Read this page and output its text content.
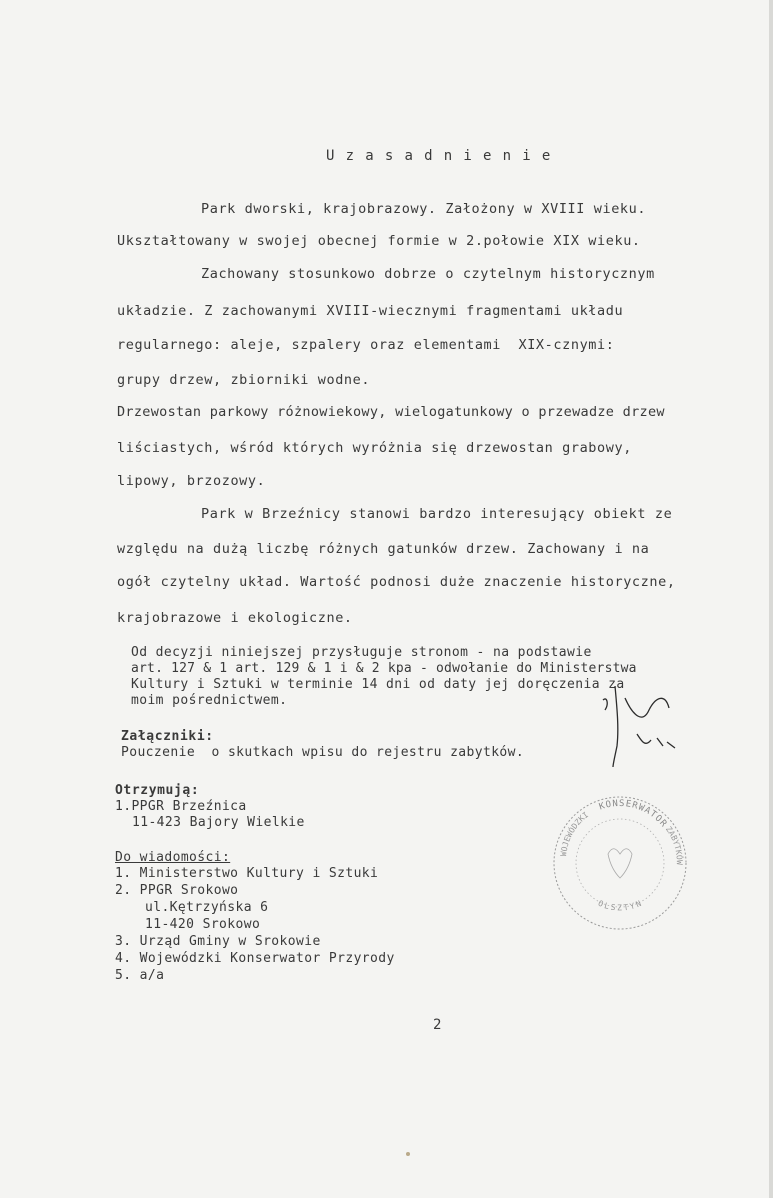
Uzasadnienie
Park dworski, krajobrazowy. Założony w XVIII wieku.
Ukształtowany w swojej obecnej formie w 2.połowie XIX wieku.
Zachowany stosunkowo dobrze o czytelnym historycznym
układzie. Z zachowanymi XVIII-wiecznymi fragmentami układu
regularnego: aleje, szpalery oraz elementami  XIX-cznymi:
grupy drzew, zbiorniki wodne.
Drzewostan parkowy różnowiekowy, wielogatunkowy o przewadze drzew
liściastych, wśród których wyróżnia się drzewostan grabowy,
lipowy, brzozowy.
Park w Brzeźnicy stanowi bardzo interesujący obiekt ze
względu na dużą liczbę różnych gatunków drzew. Zachowany i na
ogół czytelny układ. Wartość podnosi duże znaczenie historyczne,
krajobrazowe i ekologiczne.
Od decyzji niniejszej przysługuje stronom - na podstawie
art. 127 & 1 art. 129 & 1 i & 2 kpa - odwołanie do Ministerstwa
Kultury i Sztuki w terminie 14 dni od daty jej doręczenia za
moim pośrednictwem.
Załączniki:
Pouczenie  o skutkach wpisu do rejestru zabytków.
Otrzymują:
1.PPGR Brzeźnica
11-423 Bajory Wielkie
Do wiadomości:
1. Ministerstwo Kultury i Sztuki
2. PPGR Srokowo
ul.Kętrzyńska 6
11-420 Srokowo
3. Urząd Gminy w Srokowie
4. Wojewódzki Konserwator Przyrody
5. a/a
KONSERWATOR
WOJEWÓDZKI
ZABYTKÓW
OLSZTYN
2
